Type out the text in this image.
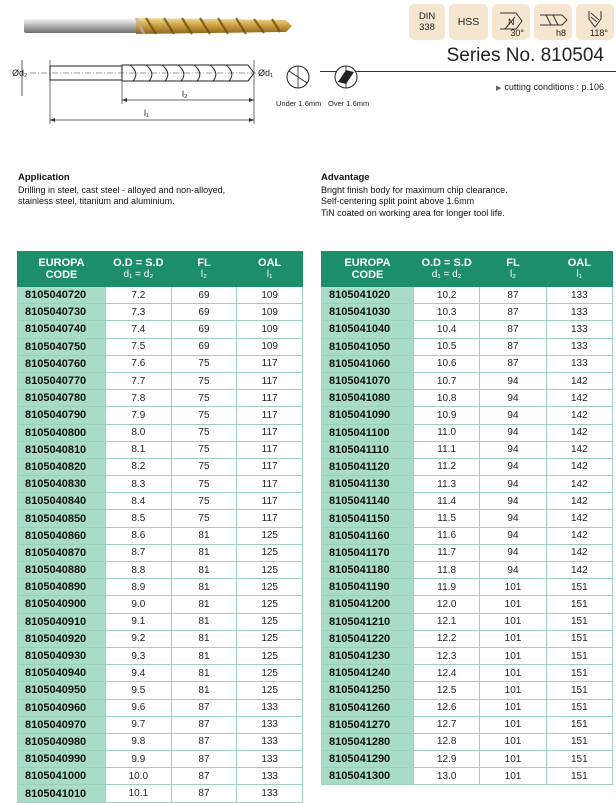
DIN
338 HSS	N
30°	h8	118°
Series No. 810504
▶ cutting conditions : p.106
Ød₂	Ød₁
l₂
l₁
Under 1.6mm Over 1.6mm
Application
Drilling in steel, cast steel - alloyed and non-alloyed,
stainless steel, titanium and aluminium.
Advantage
Bright finish body for maximum chip clearance.
Self-centering split point above 1.6mm
TiN coated on working area for longer tool life.
EUROPA
CODE	O.D = S.D
d₁ = d₂	FL
l₂	OAL
l₁

8105040720	7.2	69	109
8105040730	7.3	69	109
8105040740	7.4	69	109
8105040750	7.5	69	109
8105040760	7.6	75	117
8105040770	7.7	75	117
8105040780	7.8	75	117
8105040790	7.9	75	117
8105040800	8.0	75	117
8105040810	8.1	75	117
8105040820	8.2	75	117
8105040830	8.3	75	117
8105040840	8.4	75	117
8105040850	8.5	75	117
8105040860	8.6	81	125
8105040870	8.7	81	125
8105040880	8.8	81	125
8105040890	8.9	81	125
8105040900	9.0	81	125
8105040910	9.1	81	125
8105040920	9.2	81	125
8105040930	9.3	81	125
8105040940	9.4	81	125
8105040950	9.5	81	125
8105040960	9.6	87	133
8105040970	9.7	87	133
8105040980	9.8	87	133
8105040990	9.9	87	133
8105041000	10.0	87	133
8105041010	10.1	87	133
EUROPA
CODE	O.D = S.D
d₁ = d₂	FL
l₂	OAL
l₁

8105041020	10.2	87	133
8105041030	10.3	87	133
8105041040	10.4	87	133
8105041050	10.5	87	133
8105041060	10.6	87	133
8105041070	10.7	94	142
8105041080	10.8	94	142
8105041090	10.9	94	142
8105041100	11.0	94	142
8105041110	11.1	94	142
8105041120	11.2	94	142
8105041130	11.3	94	142
8105041140	11.4	94	142
8105041150	11.5	94	142
8105041160	11.6	94	142
8105041170	11.7	94	142
8105041180	11.8	94	142
8105041190	11.9	101	151
8105041200	12.0	101	151
8105041210	12.1	101	151
8105041220	12.2	101	151
8105041230	12.3	101	151
8105041240	12.4	101	151
8105041250	12.5	101	151
8105041260	12.6	101	151
8105041270	12.7	101	151
8105041280	12.8	101	151
8105041290	12.9	101	151
8105041300	13.0	101	151
